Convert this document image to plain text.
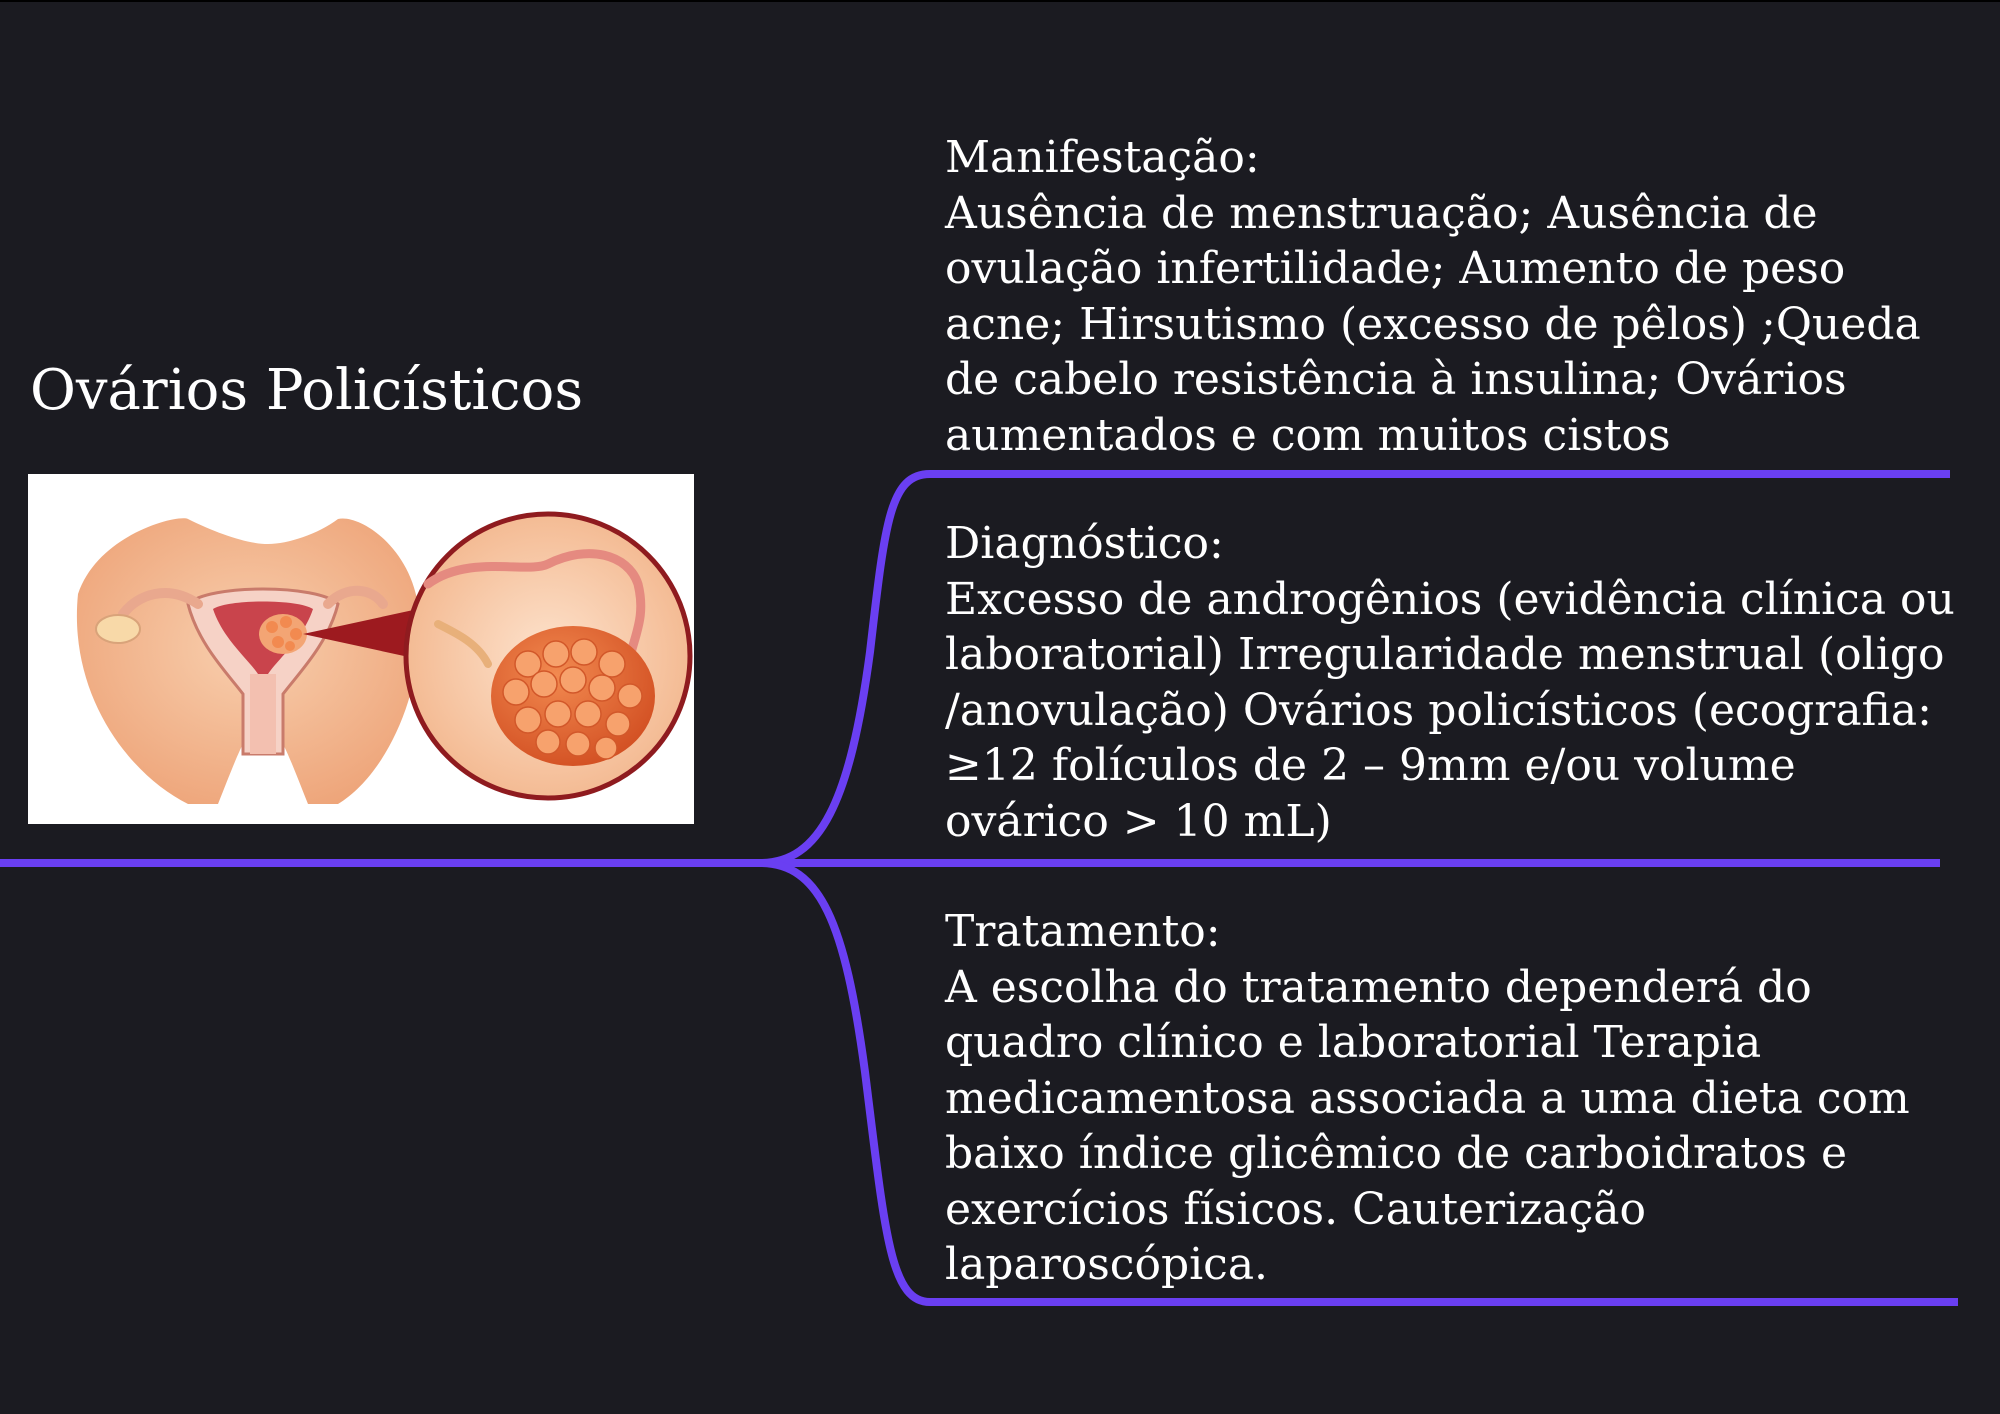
Ovários Policísticos
Manifestação:
Ausência de menstruação; Ausência de ovulação infertilidade; Aumento de peso acne; Hirsutismo (excesso de pêlos) ;Queda de cabelo resistência à insulina; Ovários aumentados e com muitos cistos
Diagnóstico:
Excesso de androgênios (evidência clínica ou laboratorial) Irregularidade menstrual (oligo /anovulação) Ovários policísticos (ecografia: ≥12 folículos de 2 – 9mm e/ou volume ovárico > 10 mL)
Tratamento:
A escolha do tratamento dependerá do quadro clínico e laboratorial Terapia medicamentosa associada a uma dieta com baixo índice glicêmico de carboidratos e exercícios físicos. Cauterização laparoscópica.
